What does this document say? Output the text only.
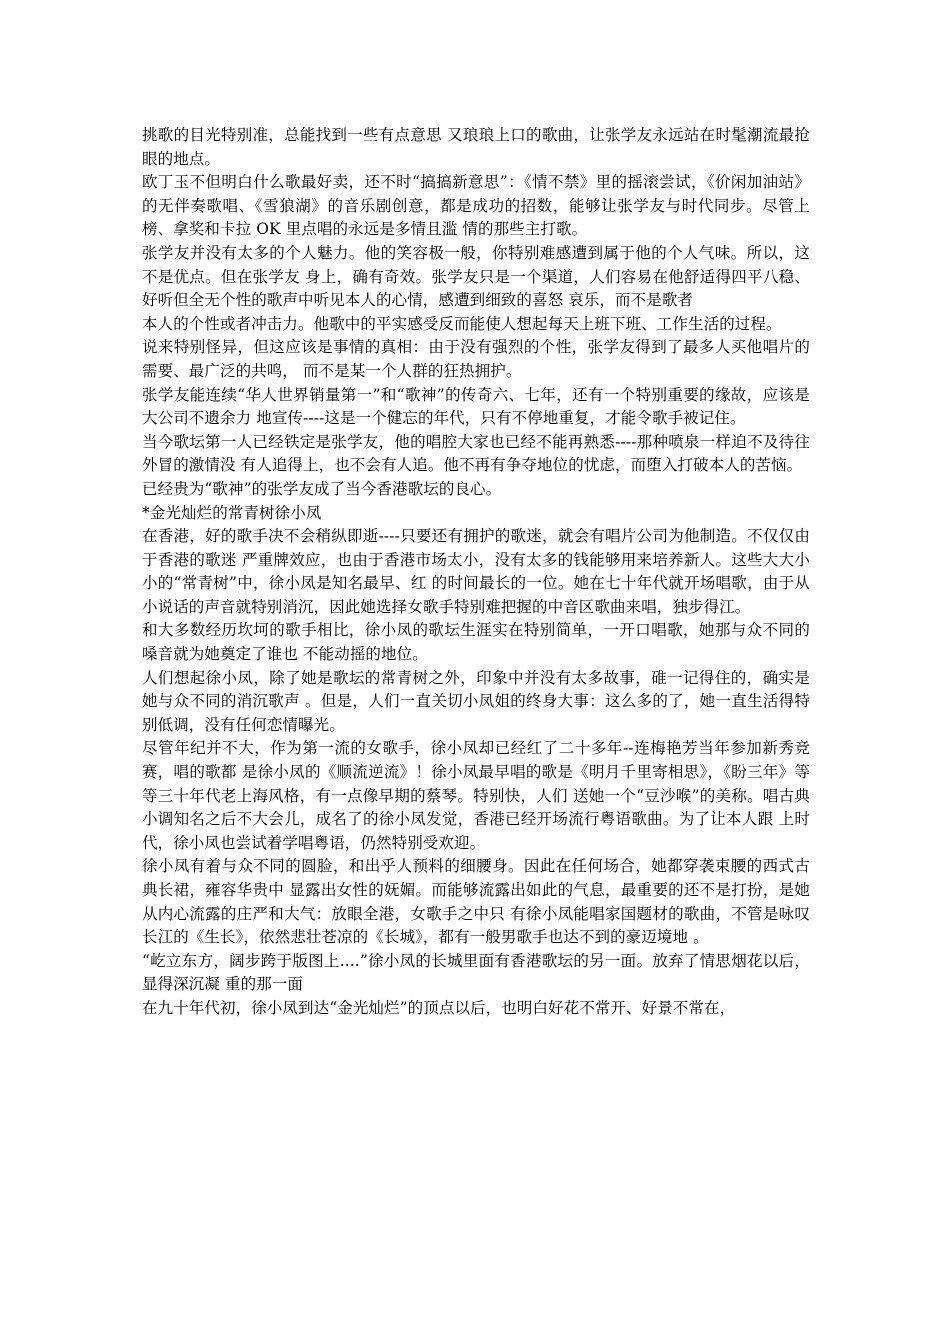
挑歌的目光特别准，总能找到一些有点意思 又琅琅上口的歌曲，让张学友永远站在时髦潮流最抢眼的地点。

欧丁玉不但明白什么歌最好卖，还不时“搞搞新意思”：《情不禁》里的摇滚尝试，《价闲加油站》的无伴奏歌唱、《雪狼湖》的音乐剧创意，都是成功的招数，能够让张学友与时代同步。尽管上榜、拿奖和卡拉 OK 里点唱的永远是多情且滥 情的那些主打歌。

张学友并没有太多的个人魅力。他的笑容极一般，你特别难感遭到属于他的个人气味。所以，这不是优点。但在张学友 身上，确有奇效。张学友只是一个渠道，人们容易在他舒适得四平八稳、好听但全无个性的歌声中听见本人的心情，感遭到细致的喜怒 哀乐，而不是歌者

本人的个性或者冲击力。他歌中的平实感受反而能使人想起每天上班下班、工作生活的过程。

说来特别怪异，但这应该是事情的真相：由于没有强烈的个性，张学友得到了最多人买他唱片的需要、最广泛的共鸣， 而不是某一个人群的狂热拥护。

张学友能连续“华人世界销量第一”和“歌神”的传奇六、七年，还有一个特别重要的缘故，应该是大公司不遗余力 地宣传----这是一个健忘的年代，只有不停地重复，才能令歌手被记住。

当今歌坛第一人已经铁定是张学友，他的唱腔大家也已经不能再熟悉----那种喷泉一样迫不及待往外冒的激情没 有人追得上，也不会有人追。他不再有争夺地位的忧虑，而堕入打破本人的苦恼。

已经贵为“歌神”的张学友成了当今香港歌坛的良心。

*金光灿烂的常青树徐小凤

在香港，好的歌手决不会稍纵即逝----只要还有拥护的歌迷，就会有唱片公司为他制造。不仅仅由于香港的歌迷 严重牌效应，也由于香港市场太小，没有太多的钱能够用来培养新人。这些大大小小的“常青树”中，徐小凤是知名最早、红 的时间最长的一位。她在七十年代就开场唱歌，由于从小说话的声音就特别消沉，因此她选择女歌手特别难把握的中音区歌曲来唱，独步得江。

和大多数经历坎坷的歌手相比，徐小凤的歌坛生涯实在特别简单，一开口唱歌，她那与众不同的嗓音就为她奠定了谁也 不能动摇的地位。

人们想起徐小凤，除了她是歌坛的常青树之外，印象中并没有太多故事，碓一记得住的，确实是她与众不同的消沉歌声 。但是，人们一直关切小凤姐的终身大事：这么多的了，她一直生活得特别低调，没有任何恋情曝光。

尽管年纪并不大，作为第一流的女歌手，徐小凤却已经红了二十多年--连梅艳芳当年参加新秀竞赛，唱的歌都 是徐小凤的《顺流逆流》！徐小凤最早唱的歌是《明月千里寄相思》，《盼三年》等等三十年代老上海风格，有一点像早期的蔡琴。特别快，人们 送她一个“豆沙喉”的美称。唱古典小调知名之后不大会儿，成名了的徐小凤发觉，香港已经开场流行粤语歌曲。为了让本人跟 上时代，徐小凤也尝试着学唱粤语，仍然特别受欢迎。

徐小凤有着与众不同的圆脸，和出乎人预料的细腰身。因此在任何场合，她都穿袭束腰的西式古典长裙，雍容华贵中 显露出女性的妩媚。而能够流露出如此的气息，最重要的还不是打扮，是她从内心流露的庄严和大气：放眼全港，女歌手之中只 有徐小凤能唱家国题材的歌曲，不管是咏叹长江的《生长》，依然悲壮苍凉的《长城》，都有一般男歌手也达不到的豪迈境地 。

“屹立东方，阔步跨于版图上....”徐小凤的长城里面有香港歌坛的另一面。放弃了情思烟花以后，显得深沉凝 重的那一面

在九十年代初，徐小凤到达“金光灿烂”的顶点以后，也明白好花不常开、好景不常在，
